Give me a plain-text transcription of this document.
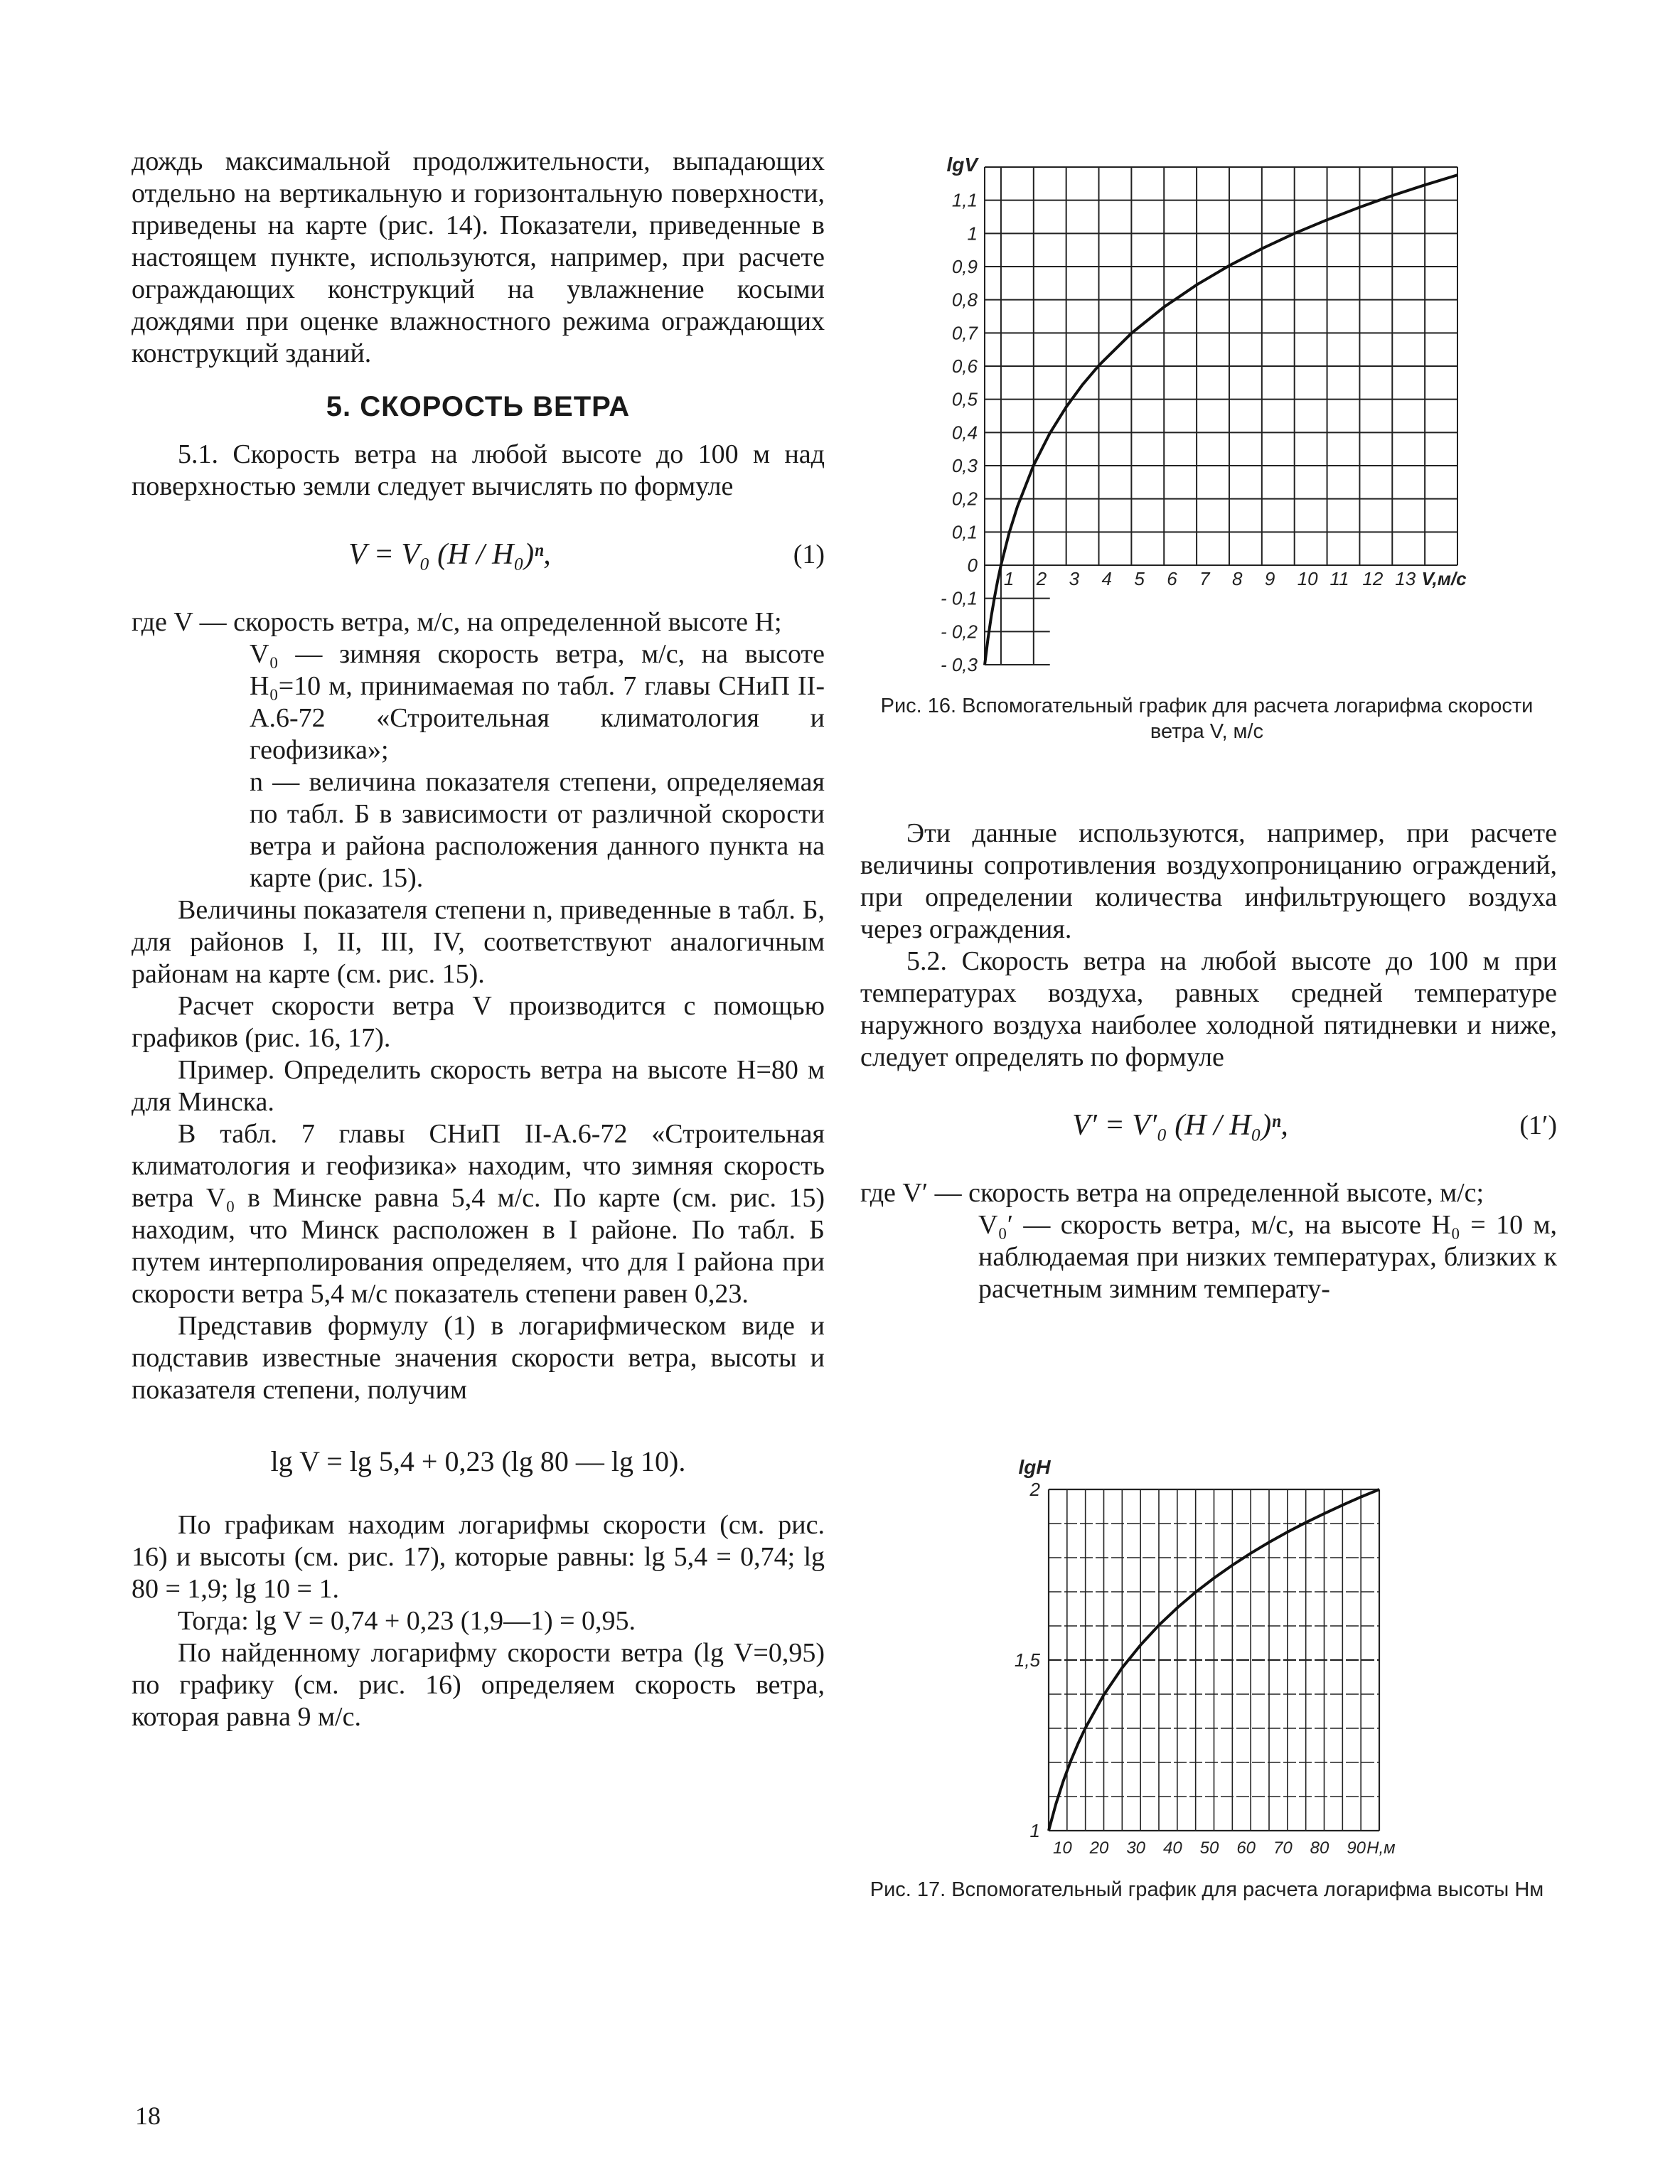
дождь максимальной продолжительности, выпадающих отдельно на вертикальную и горизонтальную поверхности, приведены на карте (рис. 14). Показатели, приведенные в настоящем пункте, используются, например, при расчете ограждающих конструкций на увлажнение косыми дождями при оценке влажностного режима ограждающих конструкций зданий.

5. СКОРОСТЬ ВЕТРА

5.1. Скорость ветра на любой высоте до 100 м над поверхностью земли следует вычислять по формуле

V = V₀ (H / H₀)ⁿ,	(1)

где V — скорость ветра, м/с, на определенной высоте H;

V₀ — зимняя скорость ветра, м/с, на высоте H₀=10 м, принимаемая по табл. 7 главы СНиП II-А.6-72 «Строительная климатология и геофизика»;

n — величина показателя степени, определяемая по табл. Б в зависимости от различной скорости ветра и района расположения данного пункта на карте (рис. 15).

Величины показателя степени n, приведенные в табл. Б, для районов I, II, III, IV, соответствуют аналогичным районам на карте (см. рис. 15).

Расчет скорости ветра V производится с помощью графиков (рис. 16, 17).

Пример. Определить скорость ветра на высоте H=80 м для Минска.

В табл. 7 главы СНиП II-А.6-72 «Строительная климатология и геофизика» находим, что зимняя скорость ветра V₀ в Минске равна 5,4 м/с. По карте (см. рис. 15) находим, что Минск расположен в I районе. По табл. Б путем интерполирования определяем, что для I района при скорости ветра 5,4 м/с показатель степени равен 0,23.

Представив формулу (1) в логарифмическом виде и подставив известные значения скорости ветра, высоты и показателя степени, получим

lg V = lg 5,4 + 0,23 (lg 80 — lg 10).

По графикам находим логарифмы скорости (см. рис. 16) и высоты (см. рис. 17), которые равны: lg 5,4 = 0,74; lg 80 = 1,9; lg 10 = 1.

Тогда: lg V = 0,74 + 0,23 (1,9—1) = 0,95.

По найденному логарифму скорости ветра (lg V=0,95) по графику (см. рис. 16) определяем скорость ветра, которая равна 9 м/с.

1,1
1
0,9
0,8
0,7
0,6
0,5
0,4
0,3
0,2
0,1
0
- 0,1
- 0,2
- 0,3
1 2 3 4 5 6 7 8 9 10 11 12 13 V,м/с
lgV
Рис. 16. Вспомогательный график для расчета логарифма скорости ветра V, м/с

Эти данные используются, например, при расчете величины сопротивления воздухопроницанию ограждений, при определении количества инфильтрующего воздуха через ограждения.

5.2. Скорость ветра на любой высоте до 100 м при температурах воздуха, равных средней температуре наружного воздуха наиболее холодной пятидневки и ниже, следует определять по формуле

V′ = V′₀ (H / H₀)ⁿ,	(1′)

где V′ — скорость ветра на определенной высоте, м/с;

V₀′ — скорость ветра, м/с, на высоте H₀ = 10 м, наблюдаемая при низких температурах, близких к расчетным зимним температу-

2
1,5
1
10 20 30 40 50 60 70 80 90 H,м
lgH
Рис. 17. Вспомогательный график для расчета логарифма высоты Hм
18
